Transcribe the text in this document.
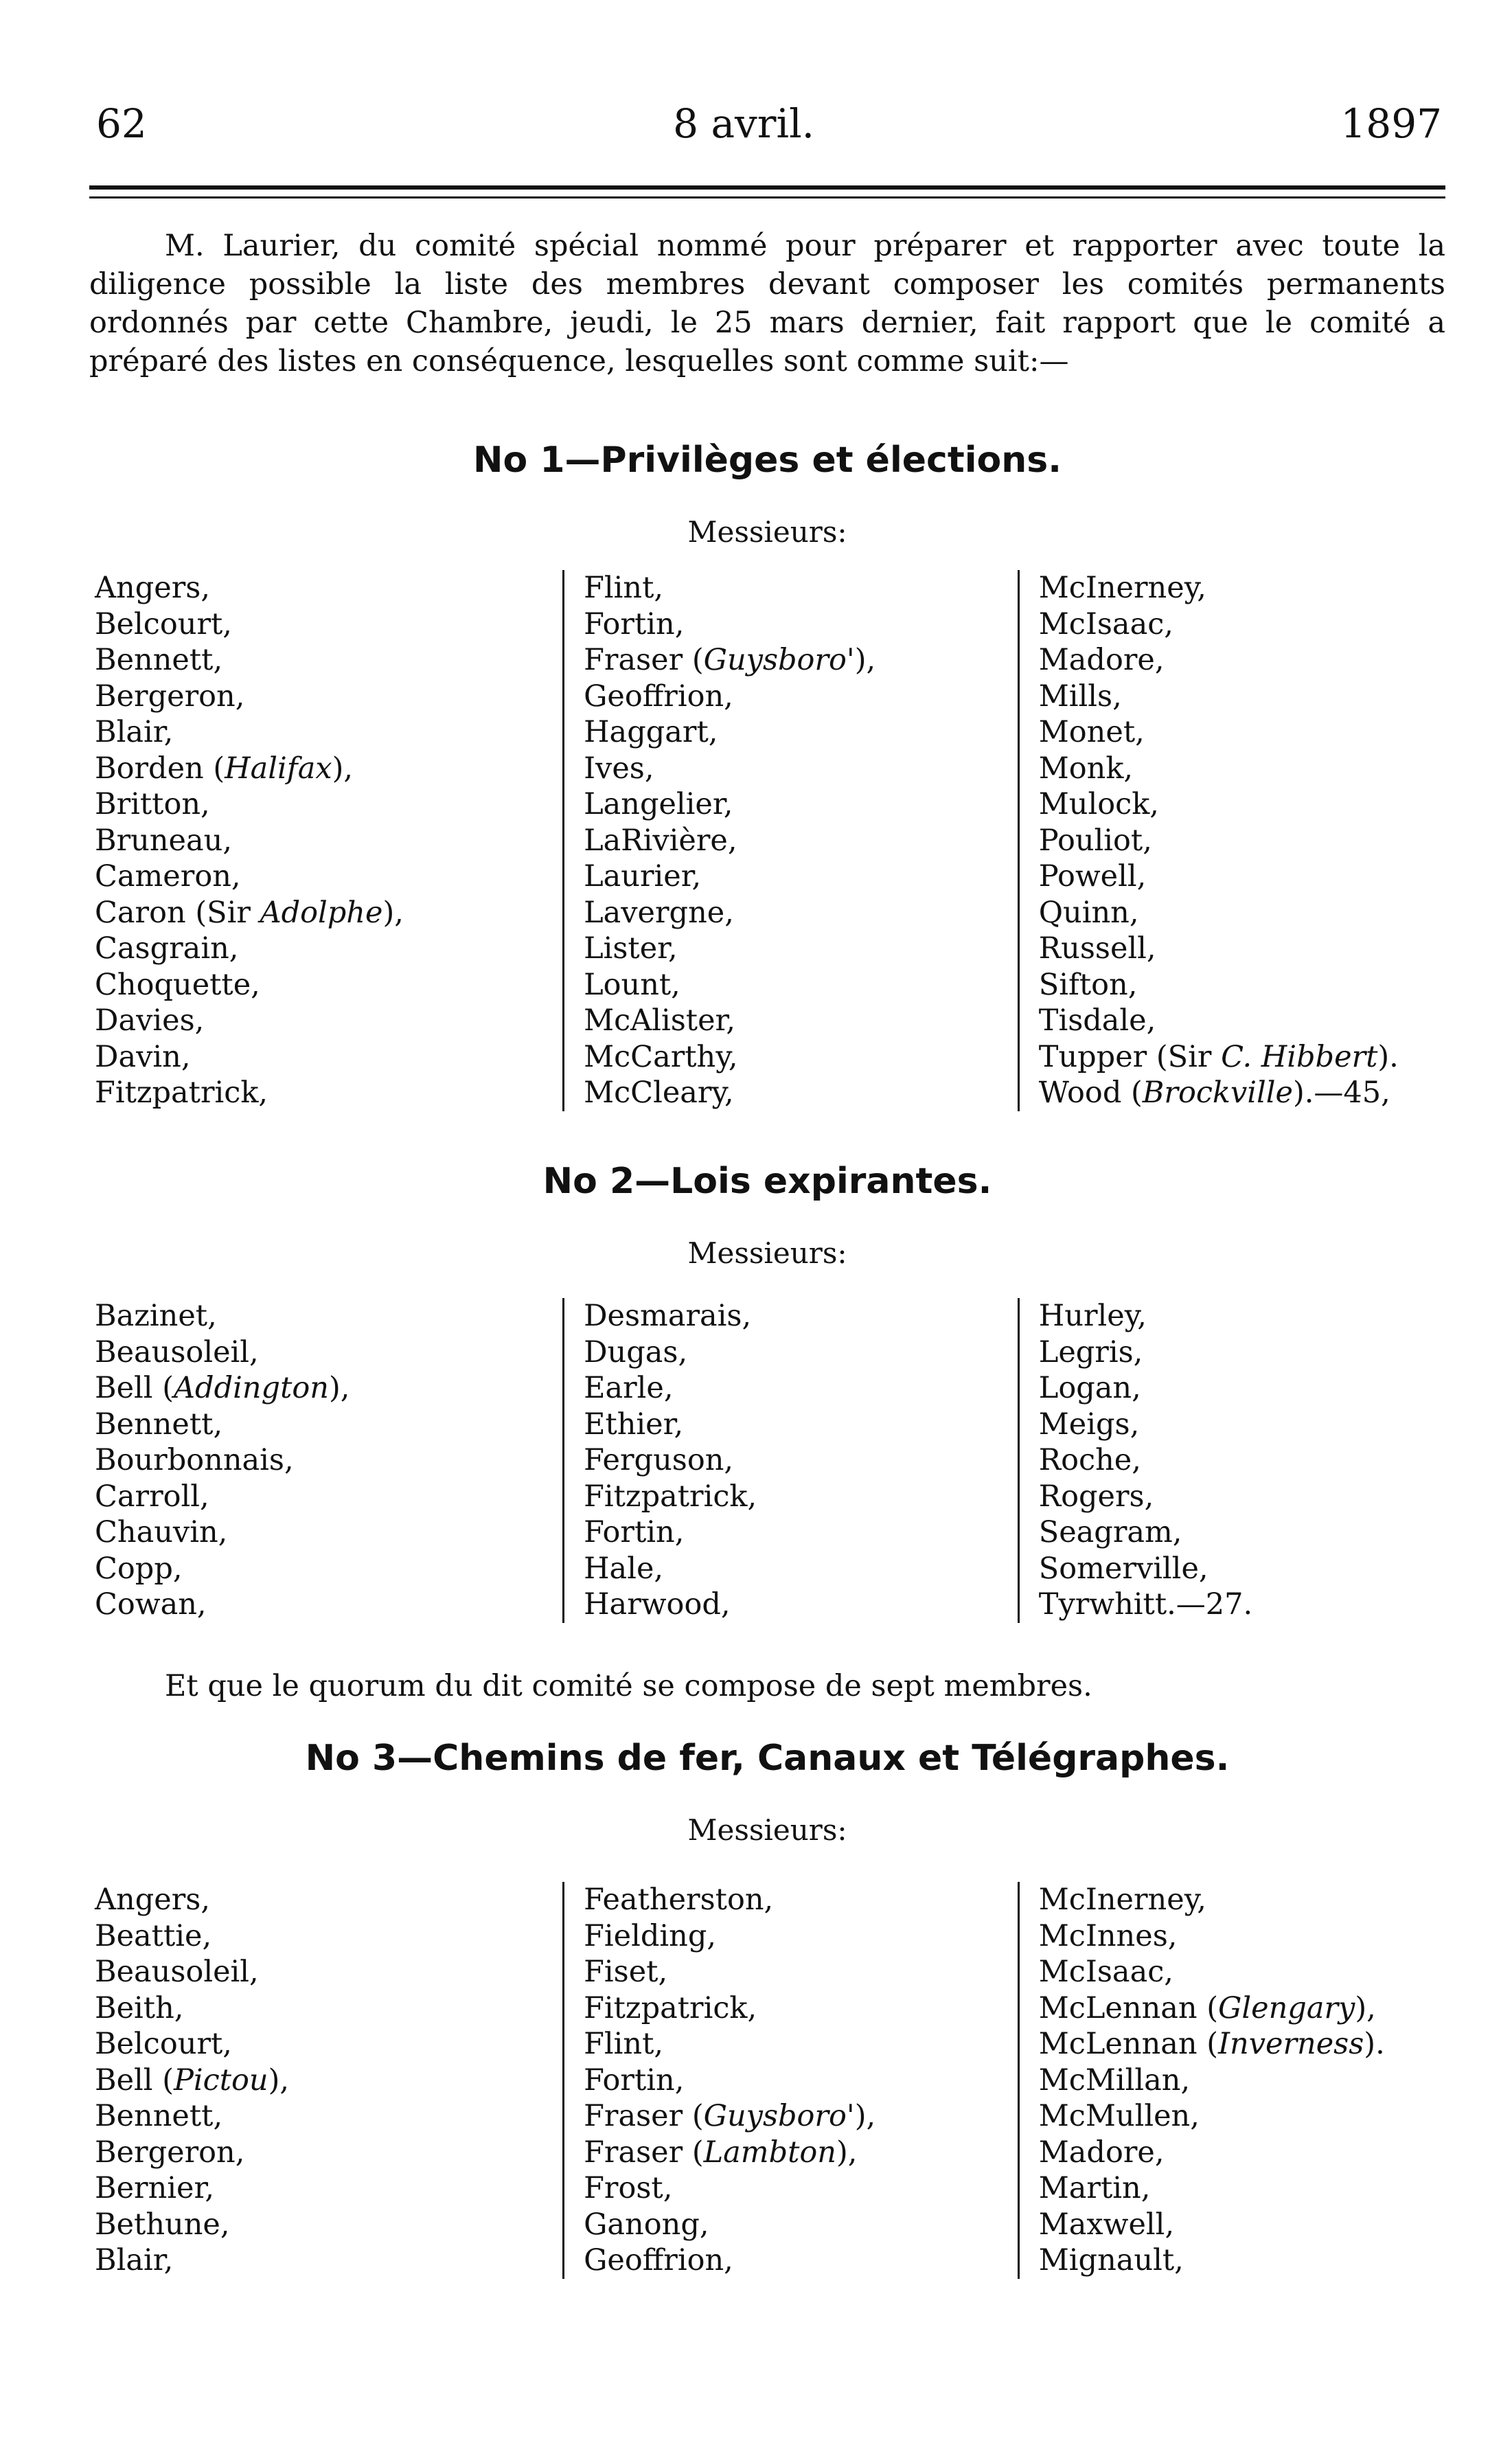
62	8 avril.	1897
M. Laurier, du comité spécial nommé pour préparer et rapporter avec toute la diligence possible la liste des membres devant composer les comités permanents ordonnés par cette Chambre, jeudi, le 25 mars dernier, fait rapport que le comité a préparé des listes en conséquence, lesquelles sont comme suit:—
No 1—Privilèges et élections.
Messieurs:
Angers,
Belcourt,
Bennett,
Bergeron,
Blair,
Borden (Halifax),
Britton,
Bruneau,
Cameron,
Caron (Sir Adolphe),
Casgrain,
Choquette,
Davies,
Davin,
Fitzpatrick,
Flint,
Fortin,
Fraser (Guysboro'),
Geoffrion,
Haggart,
Ives,
Langelier,
LaRivière,
Laurier,
Lavergne,
Lister,
Lount,
McAlister,
McCarthy,
McCleary,
McInerney,
McIsaac,
Madore,
Mills,
Monet,
Monk,
Mulock,
Pouliot,
Powell,
Quinn,
Russell,
Sifton,
Tisdale,
Tupper (Sir C. Hibbert).
Wood (Brockville).—45,
No 2—Lois expirantes.
Messieurs:
Bazinet,
Beausoleil,
Bell (Addington),
Bennett,
Bourbonnais,
Carroll,
Chauvin,
Copp,
Cowan,
Desmarais,
Dugas,
Earle,
Ethier,
Ferguson,
Fitzpatrick,
Fortin,
Hale,
Harwood,
Hurley,
Legris,
Logan,
Meigs,
Roche,
Rogers,
Seagram,
Somerville,
Tyrwhitt.—27.
Et que le quorum du dit comité se compose de sept membres.
No 3—Chemins de fer, Canaux et Télégraphes.
Messieurs:
Angers,
Beattie,
Beausoleil,
Beith,
Belcourt,
Bell (Pictou),
Bennett,
Bergeron,
Bernier,
Bethune,
Blair,
Featherston,
Fielding,
Fiset,
Fitzpatrick,
Flint,
Fortin,
Fraser (Guysboro'),
Fraser (Lambton),
Frost,
Ganong,
Geoffrion,
McInerney,
McInnes,
McIsaac,
McLennan (Glengary),
McLennan (Inverness).
McMillan,
McMullen,
Madore,
Martin,
Maxwell,
Mignault,
